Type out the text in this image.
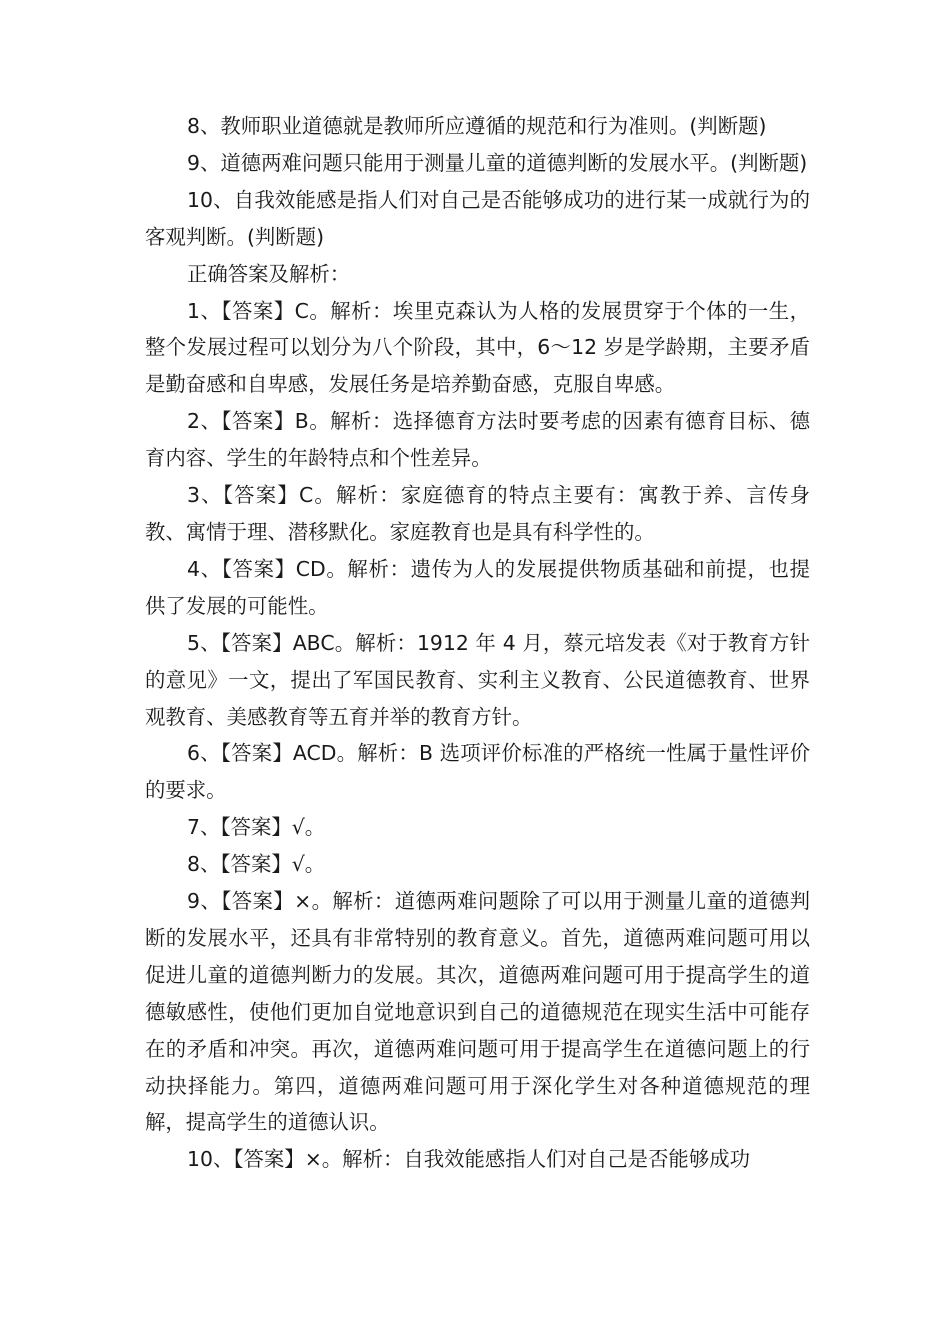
8、教师职业道德就是教师所应遵循的规范和行为准则。(判断题)

9、道德两难问题只能用于测量儿童的道德判断的发展水平。(判断题)

10、自我效能感是指人们对自己是否能够成功的进行某一成就行为的客观判断。(判断题)

正确答案及解析：

1、【答案】C。解析：埃里克森认为人格的发展贯穿于个体的一生，整个发展过程可以划分为八个阶段，其中，6～12 岁是学龄期，主要矛盾是勤奋感和自卑感，发展任务是培养勤奋感，克服自卑感。

2、【答案】B。解析：选择德育方法时要考虑的因素有德育目标、德育内容、学生的年龄特点和个性差异。

3、【答案】C。解析：家庭德育的特点主要有：寓教于养、言传身教、寓情于理、潜移默化。家庭教育也是具有科学性的。

4、【答案】CD。解析：遗传为人的发展提供物质基础和前提，也提供了发展的可能性。

5、【答案】ABC。解析：1912 年 4 月，蔡元培发表《对于教育方针的意见》一文，提出了军国民教育、实利主义教育、公民道德教育、世界观教育、美感教育等五育并举的教育方针。

6、【答案】ACD。解析：B 选项评价标准的严格统一性属于量性评价的要求。

7、【答案】√。

8、【答案】√。

9、【答案】×。解析：道德两难问题除了可以用于测量儿童的道德判断的发展水平，还具有非常特别的教育意义。首先，道德两难问题可用以促进儿童的道德判断力的发展。其次，道德两难问题可用于提高学生的道德敏感性，使他们更加自觉地意识到自己的道德规范在现实生活中可能存在的矛盾和冲突。再次，道德两难问题可用于提高学生在道德问题上的行动抉择能力。第四，道德两难问题可用于深化学生对各种道德规范的理解，提高学生的道德认识。

10、【答案】×。解析：自我效能感指人们对自己是否能够成功
